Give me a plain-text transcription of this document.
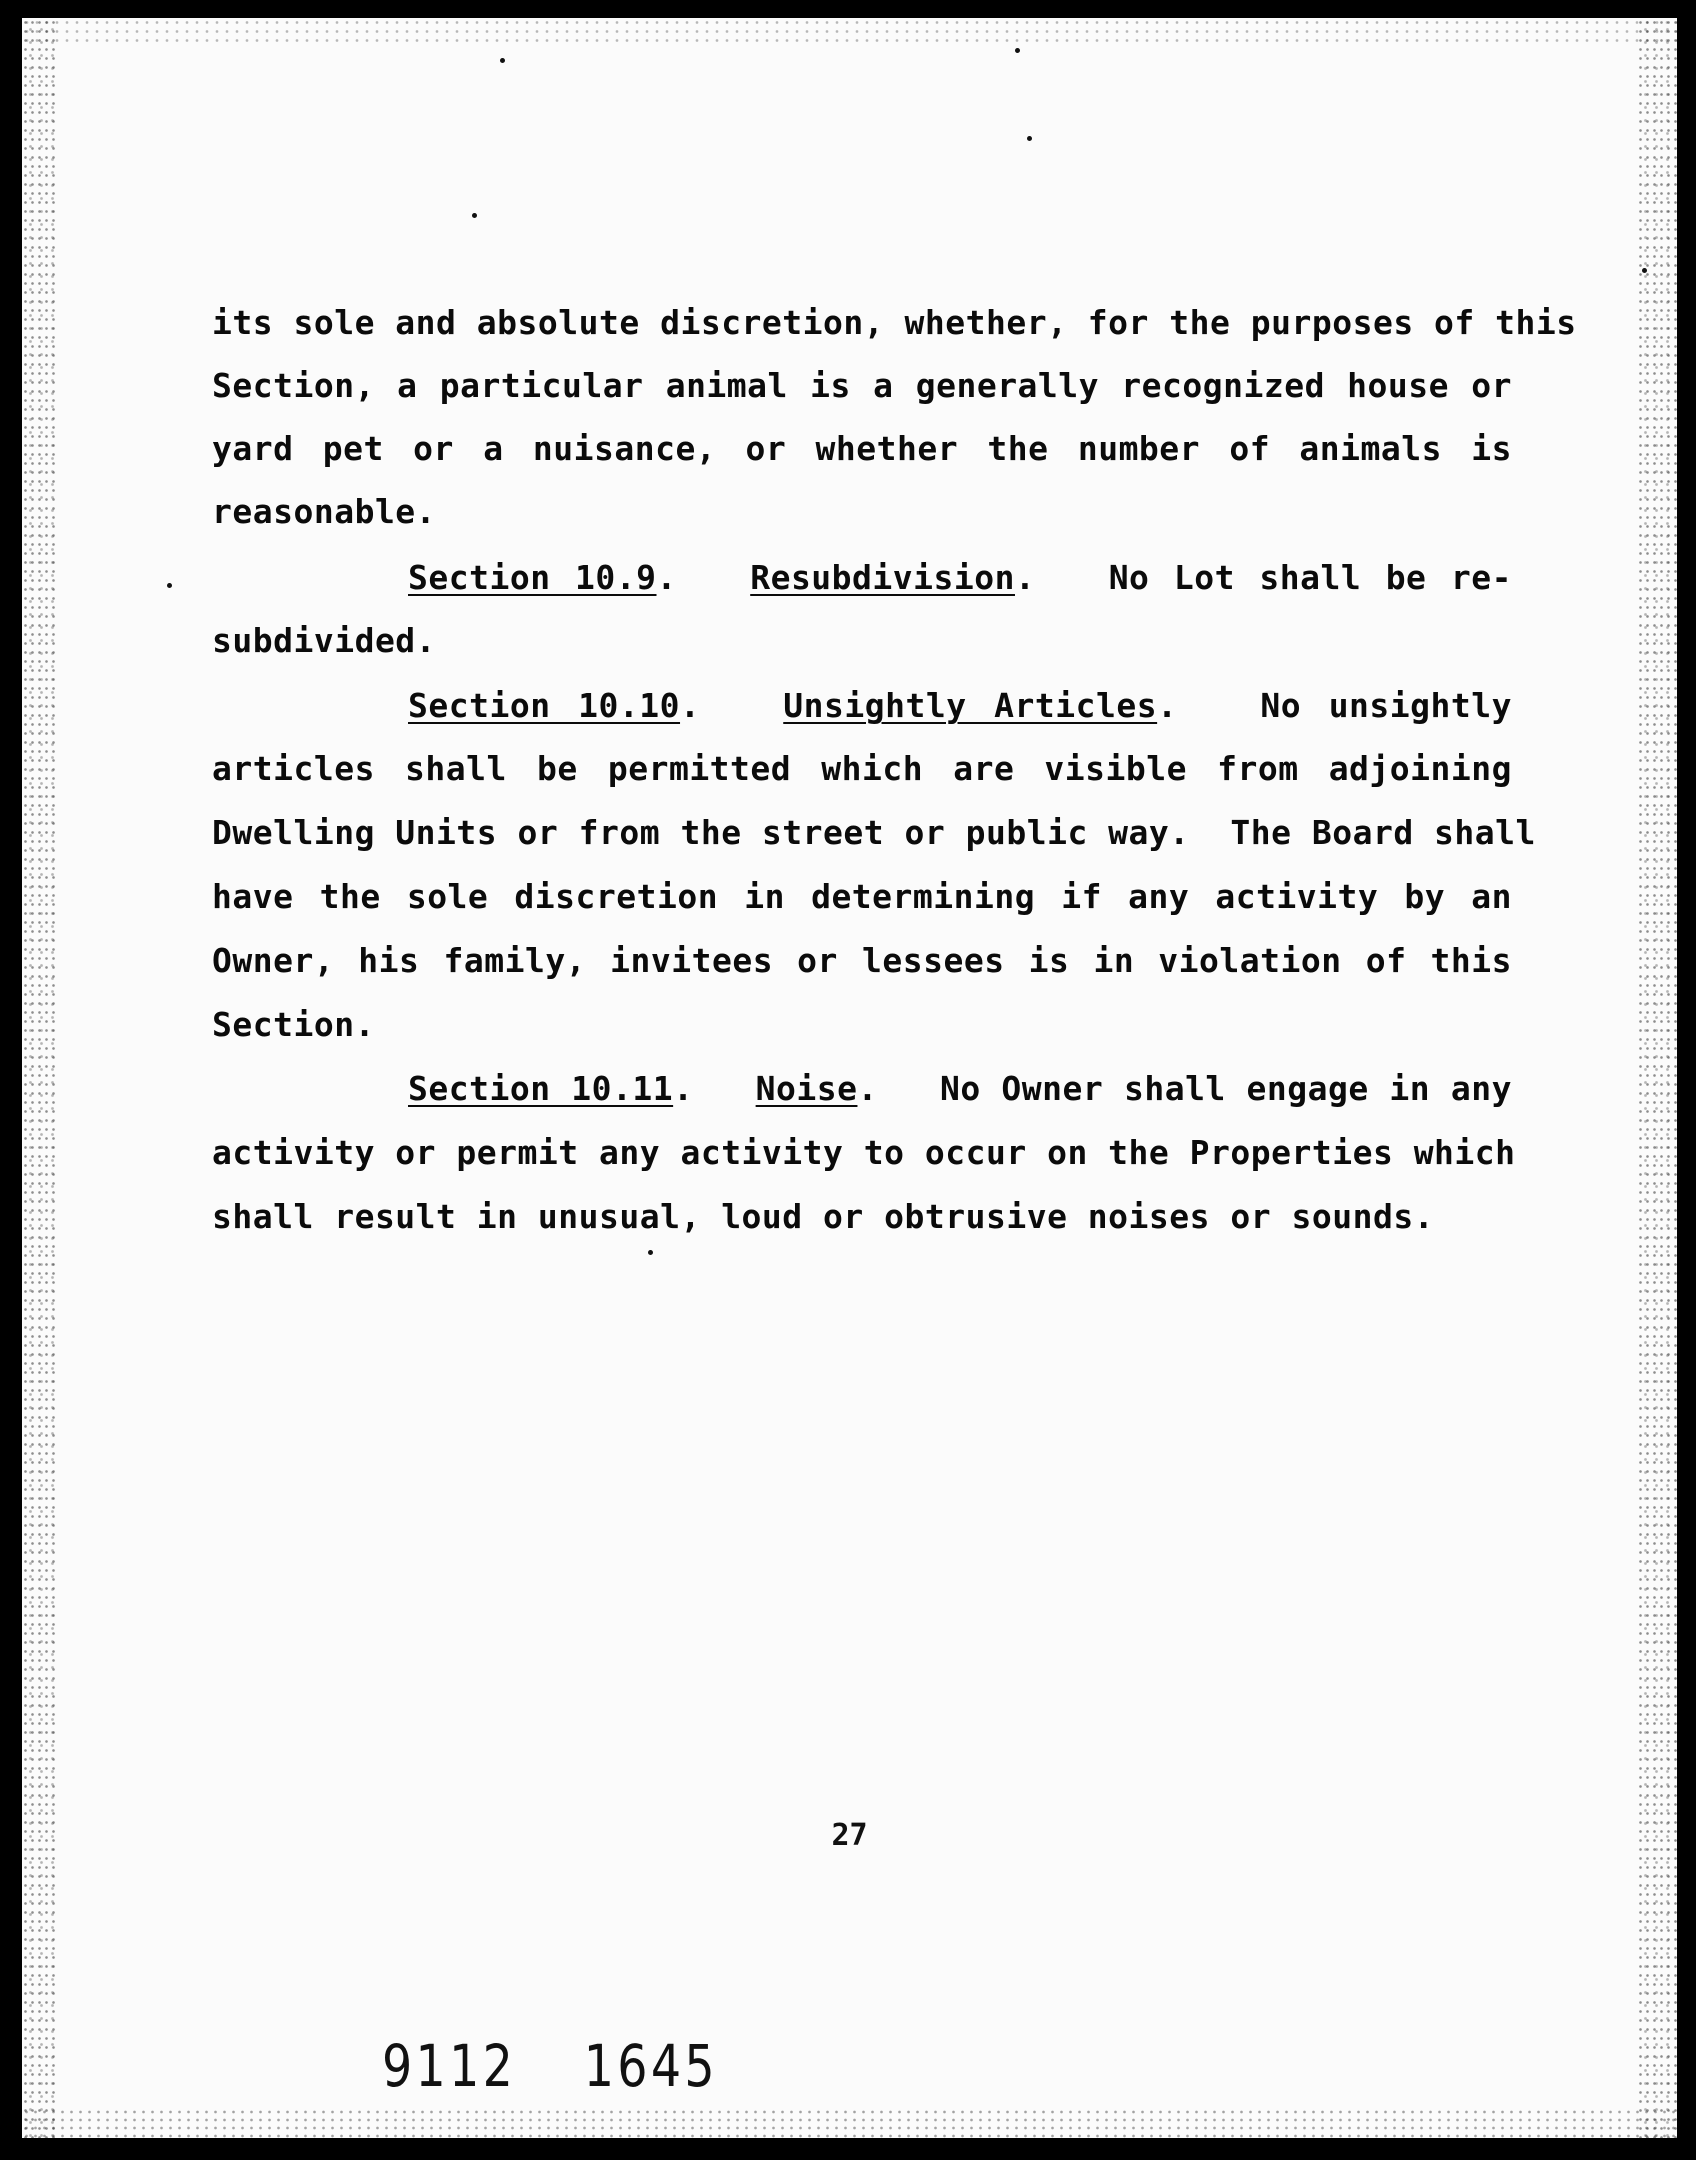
its sole and absolute discretion, whether, for the purposes of this
Section, a particular animal is a generally recognized house or
yard pet or a nuisance, or whether the number of animals is
reasonable.
Section 10.9.   Resubdivision.   No Lot shall be re-
subdivided.
Section 10.10.   Unsightly Articles.   No unsightly
articles shall be permitted which are visible from adjoining
Dwelling Units or from the street or public way.  The Board shall
have the sole discretion in determining if any activity by an
Owner, his family, invitees or lessees is in violation of this
Section.
Section 10.11.   Noise.   No Owner shall engage in any
activity or permit any activity to occur on the Properties which
shall result in unusual, loud or obtrusive noises or sounds.
27
9112 1645
